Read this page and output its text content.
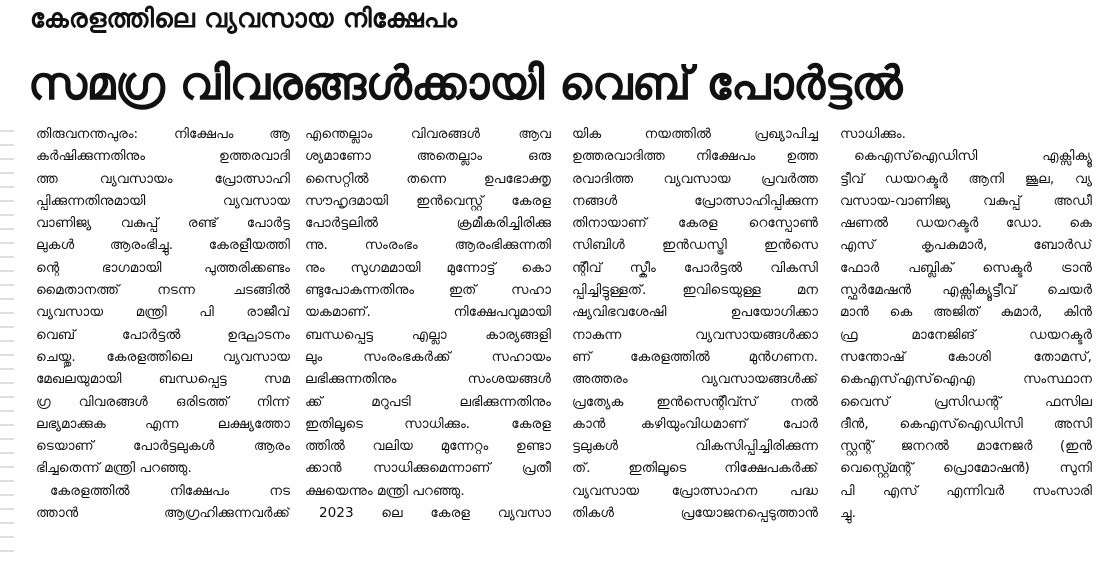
കേരളത്തിലെ വ്യവസായ നിക്ഷേപം
സമഗ്ര വിവരങ്ങൾക്കായി വെബ് പോർട്ടൽ
തിരുവനന്തപുരം: നിക്ഷേപം ആ
കർഷിക്കുന്നതിനും ഉത്തരവാദി
ത്ത വ്യവസായം പ്രോത്സാഹി
പ്പിക്കുന്നതിനുമായി വ്യവസായ
വാണിജ്യ വകുപ്പ് രണ്ട് പോർട്ട
ലുകൾ ആരംഭിച്ചു. കേരളീയത്തി
ന്റെ ഭാഗമായി പുത്തരിക്കണ്ടം
മൈതാനത്ത് നടന്ന ചടങ്ങിൽ
വ്യവസായ മന്ത്രി പി രാജീവ്
വെബ് പോർട്ടൽ ഉദ്ഘാടനം
ചെയ്തു. കേരളത്തിലെ വ്യവസായ
മേഖലയുമായി ബന്ധപ്പെട്ട സമ
ഗ്ര വിവരങ്ങൾ ഒരിടത്ത് നിന്ന്
ലഭ്യമാക്കുക എന്ന ലക്ഷ്യത്തോ
ടെയാണ് പോർട്ടലുകൾ ആരം
ഭിച്ചതെന്ന് മന്ത്രി പറഞ്ഞു.
കേരളത്തിൽ നിക്ഷേപം നട
ത്താൻ ആഗ്രഹിക്കുന്നവർക്ക്
എന്തെല്ലാം വിവരങ്ങൾ ആവ
ശ്യമാണോ അതെല്ലാം ഒരു
സൈറ്റിൽ തന്നെ ഉപഭോക്തൃ
സൗഹൃദമായി ഇൻവെസ്റ്റ് കേരള
പോർട്ടലിൽ ക്രമീകരിച്ചിരിക്കു
ന്നു. സംരംഭം ആരംഭിക്കുന്നതി
നും സുഗമമായി മുന്നോട്ട് കൊ
ണ്ടുപോകുന്നതിനും ഇത് സഹാ
യകമാണ്. നിക്ഷേപവുമായി
ബന്ധപ്പെട്ട എല്ലാ കാര്യങ്ങളി
ലും സംരംഭകർക്ക് സഹായം
ലഭിക്കുന്നതിനും സംശയങ്ങൾ
ക്ക് മറുപടി ലഭിക്കുന്നതിനും
ഇതിലൂടെ സാധിക്കും. കേരള
ത്തിൽ വലിയ മുന്നേറ്റം ഉണ്ടാ
ക്കാൻ സാധിക്കുമെന്നാണ് പ്രതീ
ക്ഷയെന്നും മന്ത്രി പറഞ്ഞു.
2023 ലെ കേരള വ്യവസാ
യിക നയത്തിൽ പ്രഖ്യാപിച്ച
ഉത്തരവാദിത്ത നിക്ഷേപം ഉത്ത
രവാദിത്ത വ്യവസായ പ്രവർത്ത
നങ്ങൾ പ്രോത്സാഹിപ്പിക്കുന്ന
തിനായാണ് കേരള റെസ്പോൺ
സിബിൾ ഇൻഡസ്ട്രി ഇൻസെ
ന്റീവ് സ്കീം പോർട്ടൽ വികസി
പ്പിച്ചിട്ടുള്ളത്. ഇവിടെയുള്ള മന
ഷ്യവിഭവശേഷി ഉപയോഗിക്കാ
നാകുന്ന വ്യവസായങ്ങൾക്കാ
ണ് കേരളത്തിൽ മുൻഗണന.
അത്തരം വ്യവസായങ്ങൾക്ക്
പ്രത്യേക ഇൻസെന്റീവ്സ് നൽ
കാൻ കഴിയുംവിധമാണ് പോർ
ട്ടലുകൾ വികസിപ്പിച്ചിരിക്കുന്ന
ത്. ഇതിലൂടെ നിക്ഷേപകർക്ക്
വ്യവസായ പ്രോത്സാഹന പദ്ധ
തികൾ പ്രയോജനപ്പെടുത്താൻ
സാധിക്കും.
കെഎസ്ഐഡിസി എക്സിക്യൂ
ട്ടീവ് ഡയറക്ടർ ആനി ജൂല, വ്യ
വസായ-വാണിജ്യ വകുപ്പ് അഡീ
ഷണൽ ഡയറക്ടർ ഡോ. കെ
എസ് കൃപകുമാർ, ബോർഡ്
ഫോർ പബ്ലിക് സെക്ടർ ട്രാൻ
സ്ഫർമേഷൻ എക്സിക്യൂട്ടീവ് ചെയർ
മാൻ കെ അജിത് കുമാർ, കിൻ
ഫ്ര മാനേജിങ് ഡയറക്ടർ
സന്തോഷ് കോശി തോമസ്,
കെഎസ്എസ്ഐഎ സംസ്ഥാന
വൈസ് പ്രസിഡന്റ് ഫസില
ദീൻ, കെഎസ്ഐഡിസി അസി
സ്റ്റന്റ് ജനറൽ മാനേജർ (ഇൻ
വെസ്റ്റ്മെന്റ് പ്രൊമോഷൻ) സുനി
പി എസ് എന്നിവർ സംസാരി
ച്ചു.
